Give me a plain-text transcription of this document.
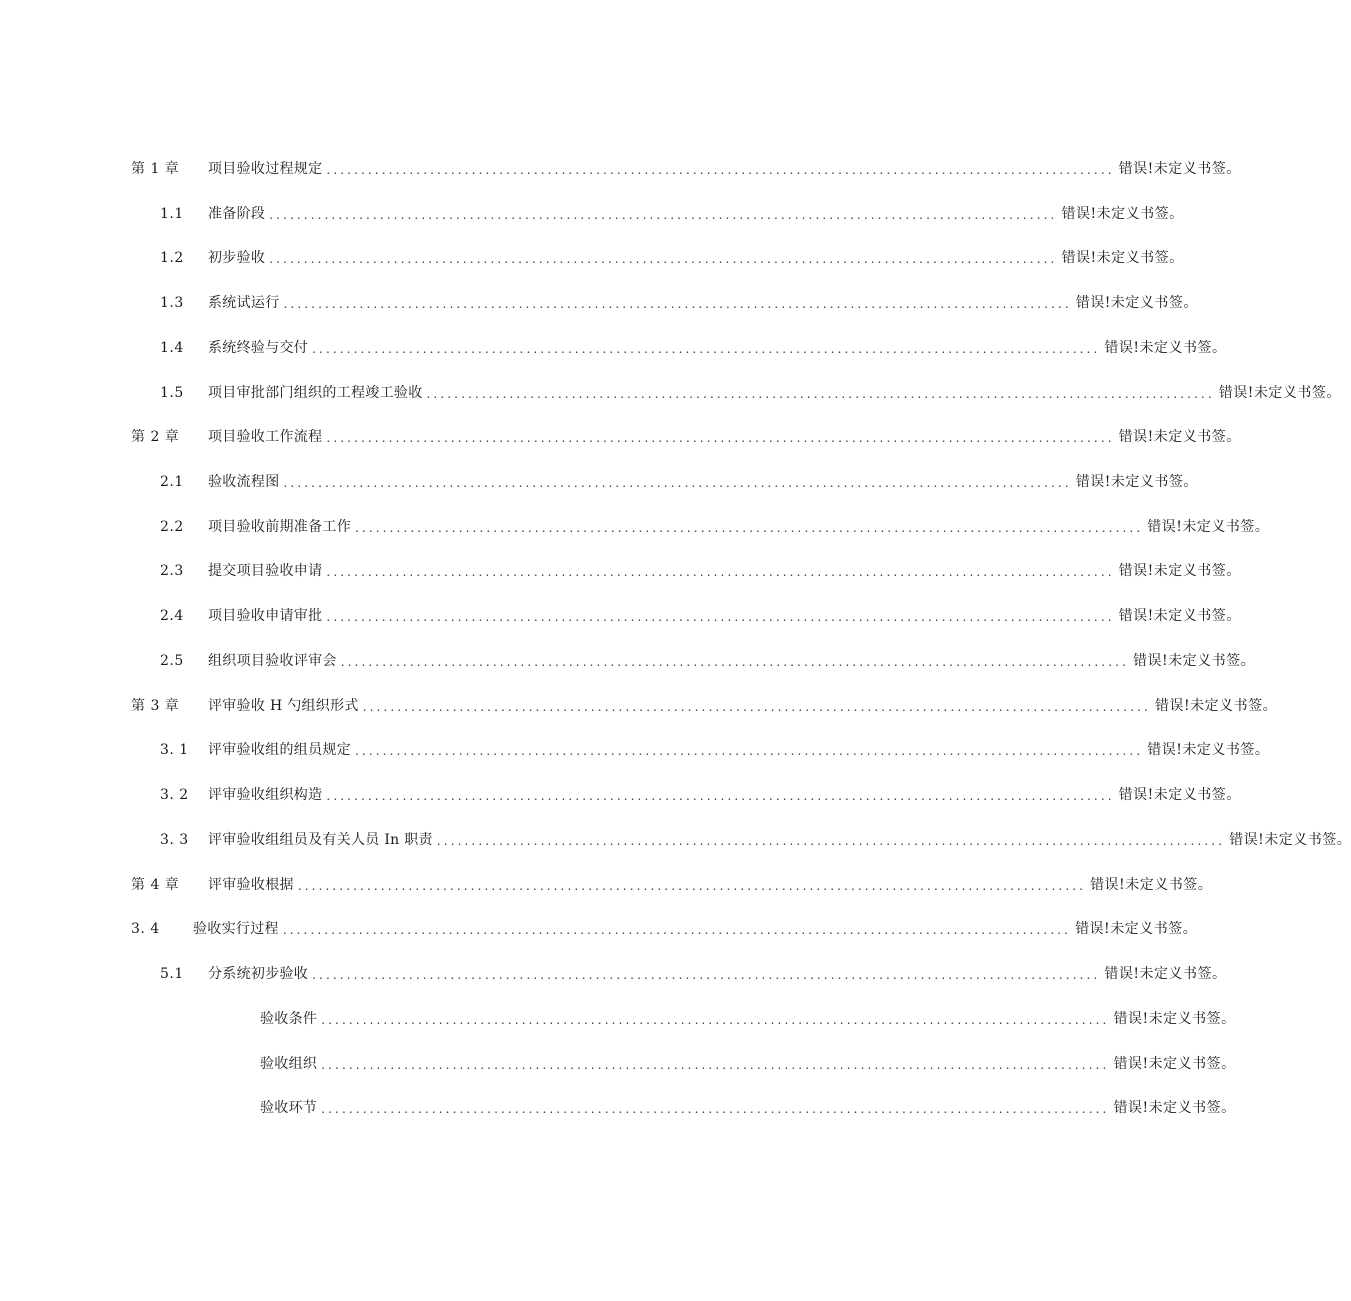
第 1 章	项目验收过程规定 .................................................................................................................. 错误!未定义书签。
1.1	准备阶段 .................................................................................................................. 错误!未定义书签。
1.2	初步验收 .................................................................................................................. 错误!未定义书签。
1.3	系统试运行 .................................................................................................................. 错误!未定义书签。
1.4	系统终验与交付 .................................................................................................................. 错误!未定义书签。
1.5	项目审批部门组织的工程竣工验收 .................................................................................................................. 错误!未定义书签。
第 2 章	项目验收工作流程 .................................................................................................................. 错误!未定义书签。
2.1	验收流程图 .................................................................................................................. 错误!未定义书签。
2.2	项目验收前期准备工作 .................................................................................................................. 错误!未定义书签。
2.3	提交项目验收申请 .................................................................................................................. 错误!未定义书签。
2.4	项目验收申请审批 .................................................................................................................. 错误!未定义书签。
2.5	组织项目验收评审会 .................................................................................................................. 错误!未定义书签。
第 3 章	评审验收 H 勺组织形式 .................................................................................................................. 错误!未定义书签。
3. 1	评审验收组的组员规定 .................................................................................................................. 错误!未定义书签。
3. 2	评审验收组织构造 .................................................................................................................. 错误!未定义书签。
3. 3	评审验收组组员及有关人员 In 职责 .................................................................................................................. 错误!未定义书签。
第 4 章	评审验收根据 .................................................................................................................. 错误!未定义书签。
3. 4	验收实行过程 .................................................................................................................. 错误!未定义书签。
5.1	分系统初步验收 .................................................................................................................. 错误!未定义书签。
验收条件 .................................................................................................................. 错误!未定义书签。
验收组织 .................................................................................................................. 错误!未定义书签。
验收环节 .................................................................................................................. 错误!未定义书签。
